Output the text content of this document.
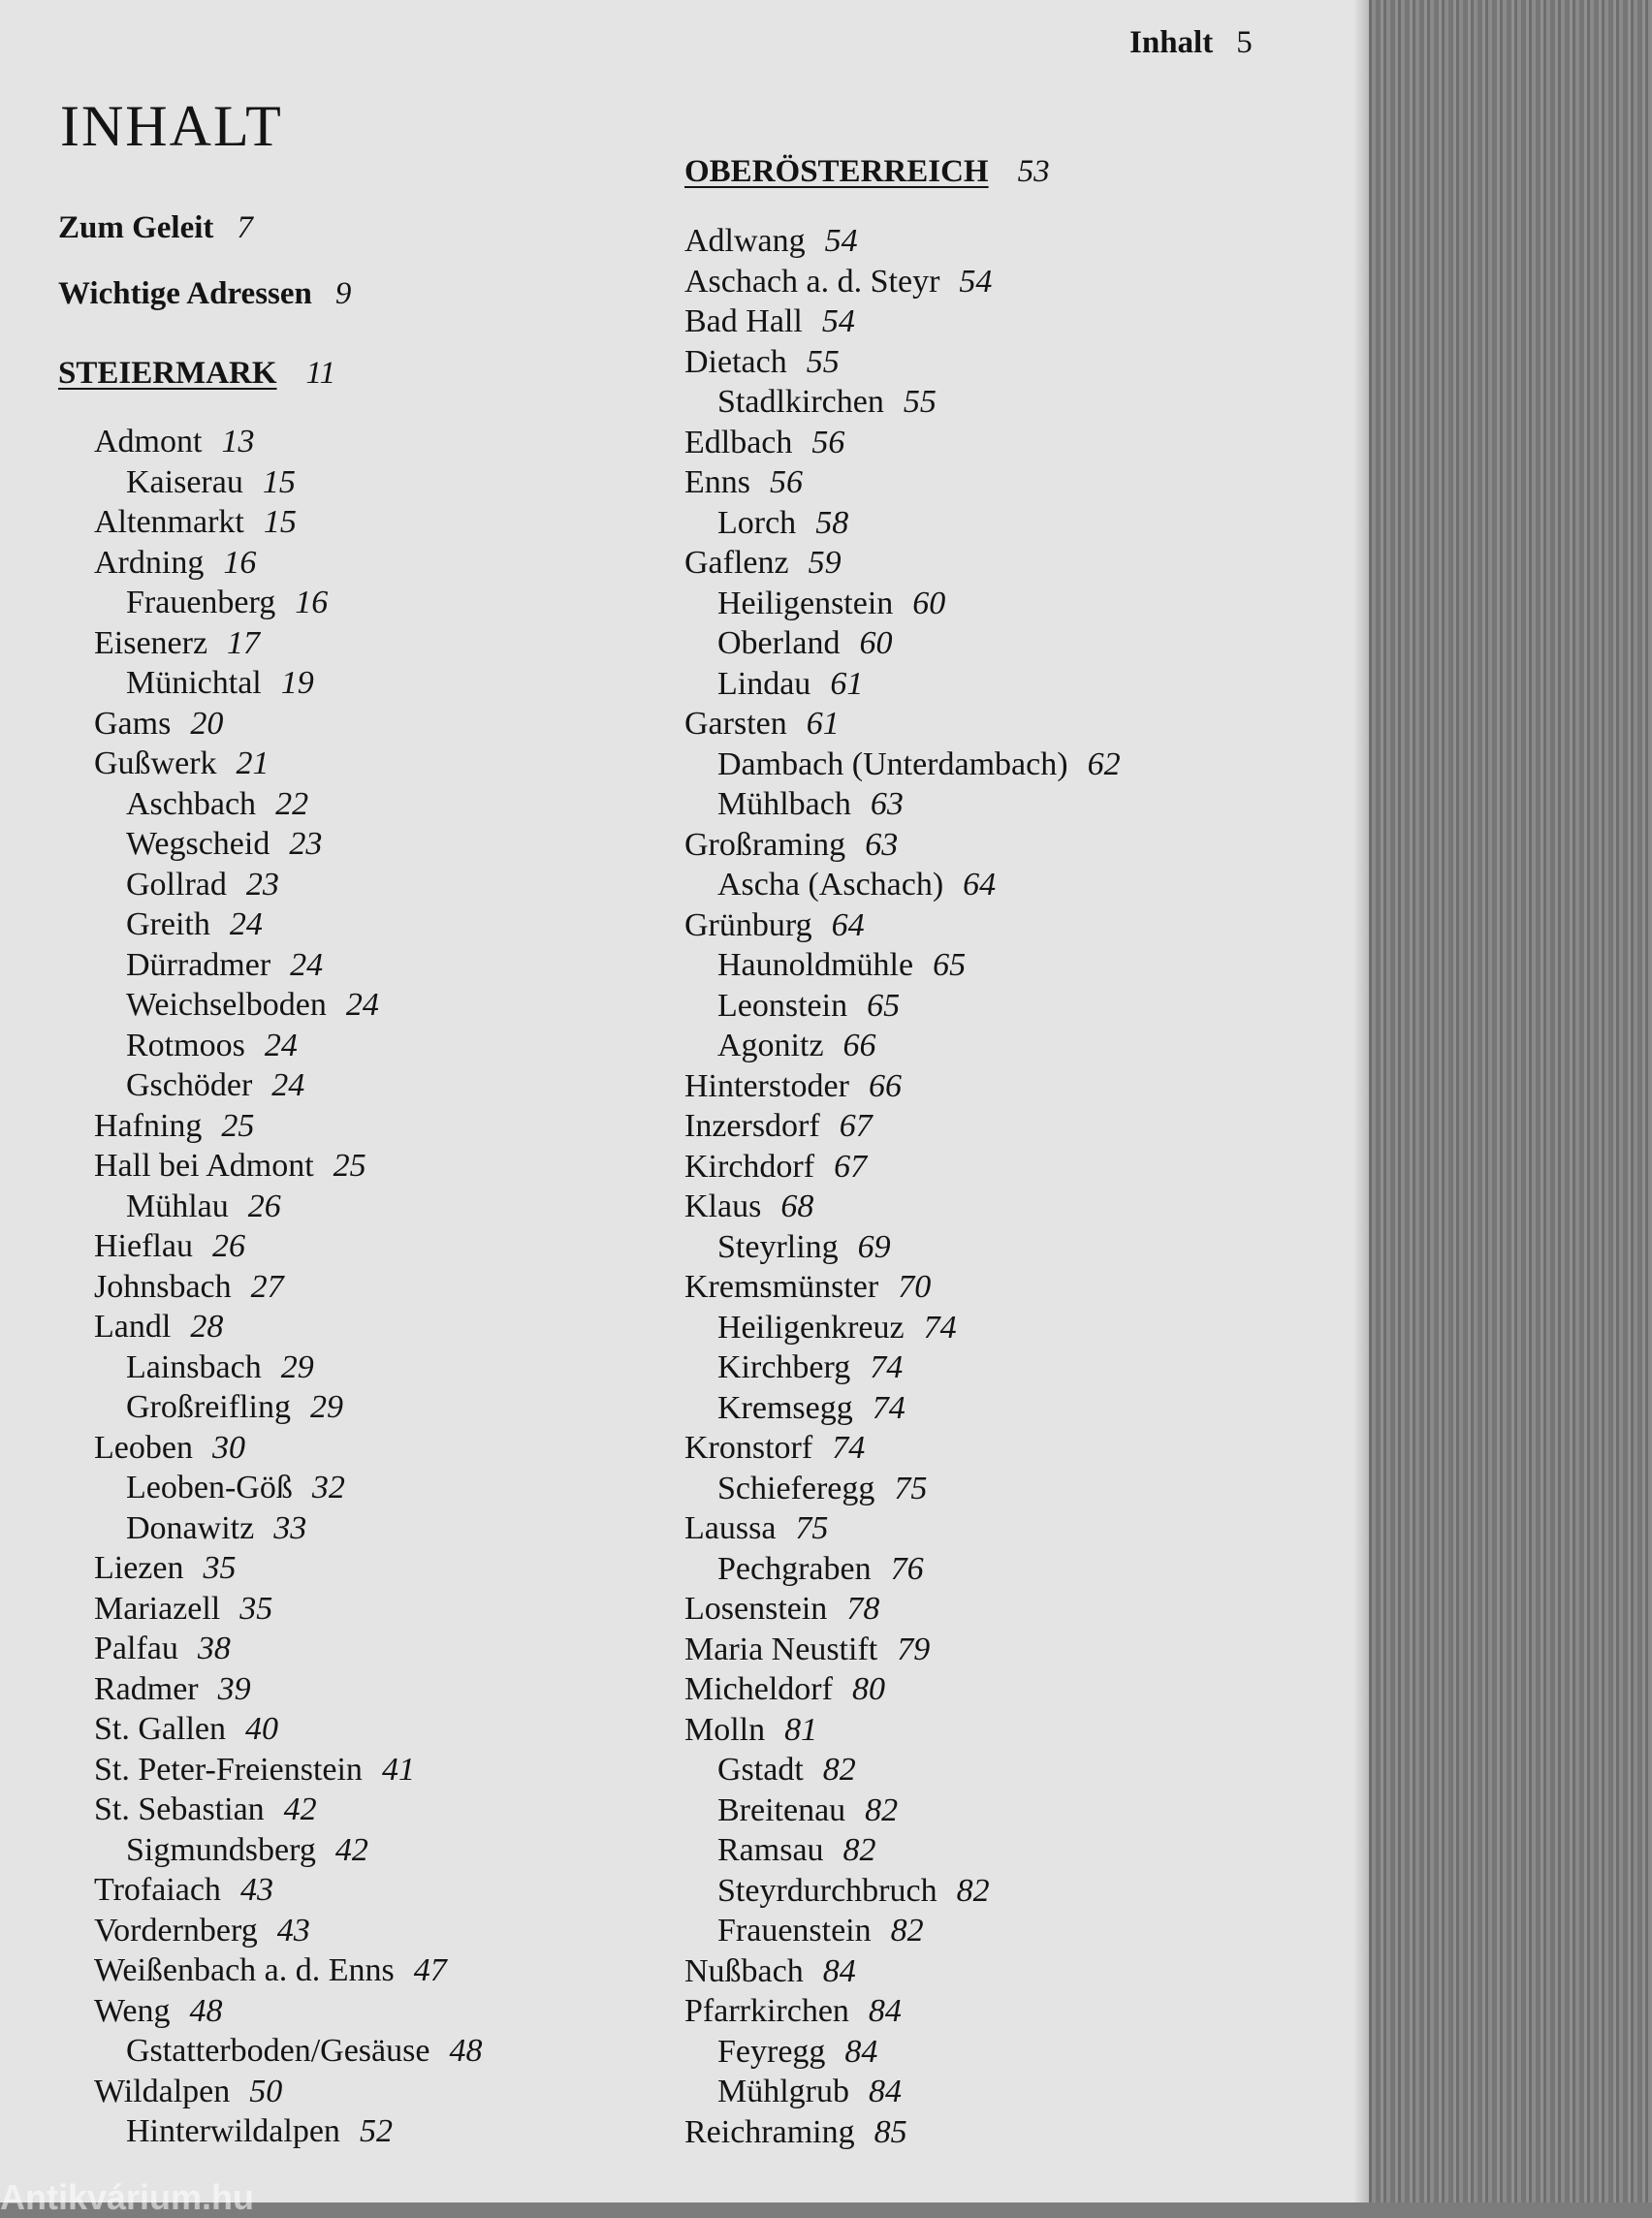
Inhalt 5
INHALT
Zum Geleit 7
Wichtige Adressen 9
STEIERMARK 11
OBERÖSTERREICH 53
Admont 13
Kaiserau 15
Altenmarkt 15
Ardning 16
Frauenberg 16
Eisenerz 17
Münichtal 19
Gams 20
Gußwerk 21
Aschbach 22
Wegscheid 23
Gollrad 23
Greith 24
Dürradmer 24
Weichselboden 24
Rotmoos 24
Gschöder 24
Hafning 25
Hall bei Admont 25
Mühlau 26
Hieflau 26
Johnsbach 27
Landl 28
Lainsbach 29
Großreifling 29
Leoben 30
Leoben-Göß 32
Donawitz 33
Liezen 35
Mariazell 35
Palfau 38
Radmer 39
St. Gallen 40
St. Peter-Freienstein 41
St. Sebastian 42
Sigmundsberg 42
Trofaiach 43
Vordernberg 43
Weißenbach a. d. Enns 47
Weng 48
Gstatterboden/Gesäuse 48
Wildalpen 50
Hinterwildalpen 52
Adlwang 54
Aschach a. d. Steyr 54
Bad Hall 54
Dietach 55
Stadlkirchen 55
Edlbach 56
Enns 56
Lorch 58
Gaflenz 59
Heiligenstein 60
Oberland 60
Lindau 61
Garsten 61
Dambach (Unterdambach) 62
Mühlbach 63
Großraming 63
Ascha (Aschach) 64
Grünburg 64
Haunoldmühle 65
Leonstein 65
Agonitz 66
Hinterstoder 66
Inzersdorf 67
Kirchdorf 67
Klaus 68
Steyrling 69
Kremsmünster 70
Heiligenkreuz 74
Kirchberg 74
Kremsegg 74
Kronstorf 74
Schieferegg 75
Laussa 75
Pechgraben 76
Losenstein 78
Maria Neustift 79
Micheldorf 80
Molln 81
Gstadt 82
Breitenau 82
Ramsau 82
Steyrdurchbruch 82
Frauenstein 82
Nußbach 84
Pfarrkirchen 84
Feyregg 84
Mühlgrub 84
Reichraming 85
Antikvárium.hu
